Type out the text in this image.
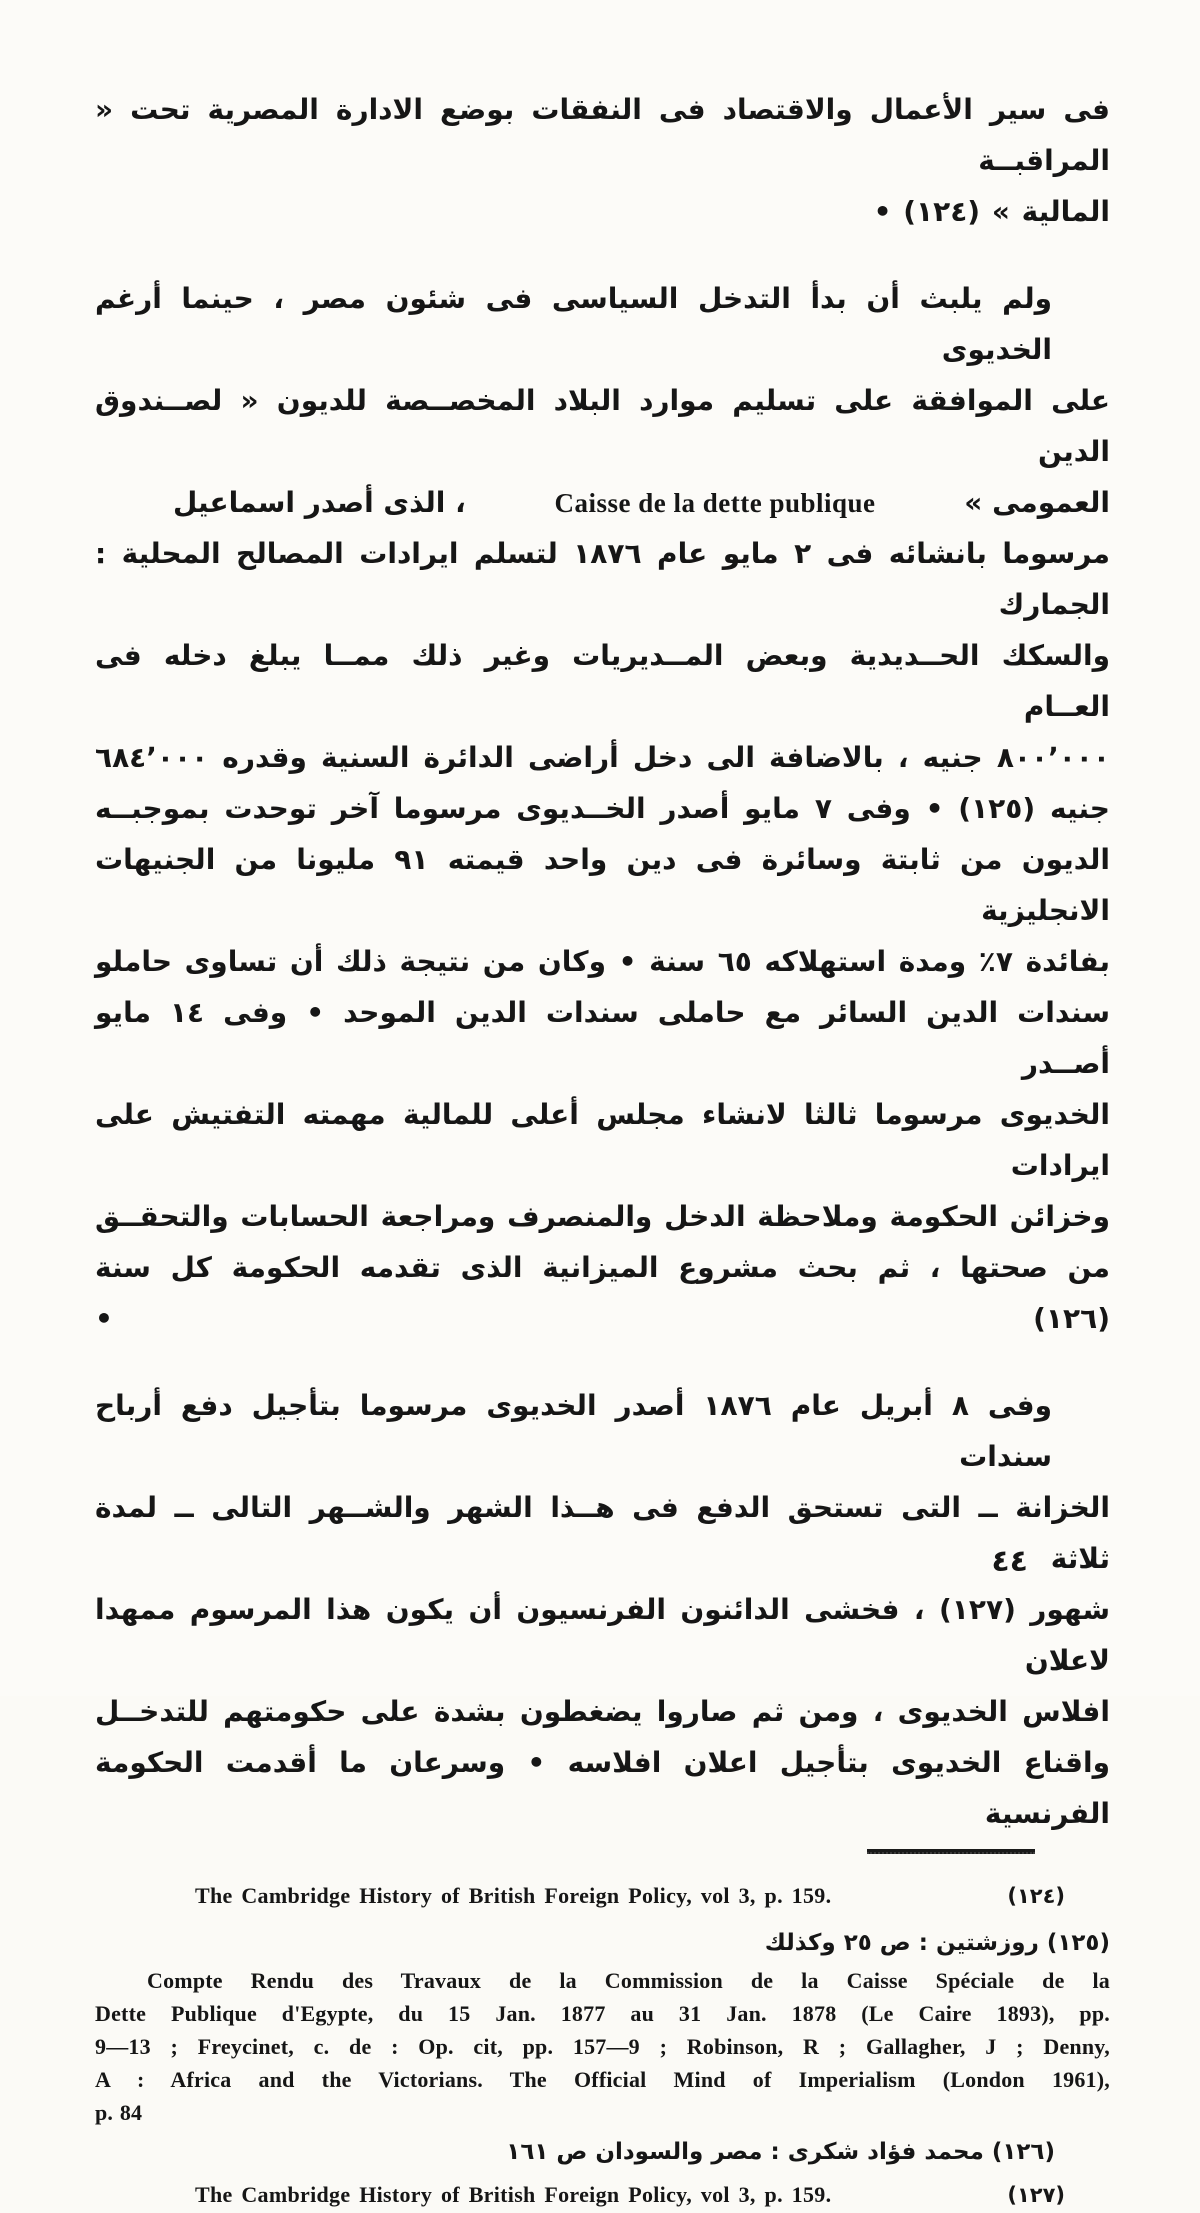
فى سير الأعمال والاقتصاد فى النفقات بوضع الادارة المصرية تحت « المراقبــة
المالية » (١٢٤) •
ولم يلبث أن بدأ التدخل السياسى فى شئون مصر ، حينما أرغم الخديوى
على الموافقة على تسليم موارد البلاد المخصــصة للديون « لصــندوق الدين
العمومى »
Caisse de la dette publique
، الذى أصدر اسماعيل
مرسوما بانشائه فى ٢ مايو عام ١٨٧٦ لتسلم ايرادات المصالح المحلية : الجمارك
والسكك الحــديدية وبعض المــديريات وغير ذلك ممــا يبلغ دخله فى العــام
٨٠٠٬٠٠٠ جنيه ، بالاضافة الى دخل أراضى الدائرة السنية وقدره ٦٨٤٬٠٠٠
جنيه (١٢٥) • وفى ٧ مايو أصدر الخــديوى مرسوما آخر توحدت بموجبــه
الديون من ثابتة وسائرة فى دين واحد قيمته ٩١ مليونا من الجنيهات الانجليزية
بفائدة ٧٪ ومدة استهلاكه ٦٥ سنة • وكان من نتيجة ذلك أن تساوى حاملو
سندات الدين السائر مع حاملى سندات الدين الموحد • وفى ١٤ مايو أصــدر
الخديوى مرسوما ثالثا لانشاء مجلس أعلى للمالية مهمته التفتيش على ايرادات
وخزائن الحكومة وملاحظة الدخل والمنصرف ومراجعة الحسابات والتحقــق
من صحتها ، ثم بحث مشروع الميزانية الذى تقدمه الحكومة كل سنة (١٢٦) •
وفى ٨ أبريل عام ١٨٧٦ أصدر الخديوى مرسوما بتأجيل دفع أرباح سندات
الخزانة ــ التى تستحق الدفع فى هــذا الشهر والشــهر التالى ــ لمدة ثلاثة
شهور (١٢٧) ، فخشى الدائنون الفرنسيون أن يكون هذا المرسوم ممهدا لاعلان
افلاس الخديوى ، ومن ثم صاروا يضغطون بشدة على حكومتهم للتدخــل
واقناع الخديوى بتأجيل اعلان افلاسه • وسرعان ما أقدمت الحكومة الفرنسية
The Cambridge History of British Foreign Policy, vol 3, p. 159.	(١٢٤)
(١٢٥) روزشتين : ص ٢٥ وكذلك
Compte Rendu des Travaux de la Commission de la Caisse Spéciale de la
Dette Publique d'Egypte, du 15 Jan. 1877 au 31 Jan. 1878 (Le Caire 1893), pp.
9—13 ; Freycinet, c. de : Op. cit, pp. 157—9 ; Robinson, R ; Gallagher, J ; Denny,
A : Africa and the Victorians. The Official Mind of Imperialism (London 1961),
p. 84
(١٢٦) محمد فؤاد شكرى : مصر والسودان ص ١٦١
The Cambridge History of British Foreign Policy, vol 3, p. 159.	(١٢٧)
٤٤
